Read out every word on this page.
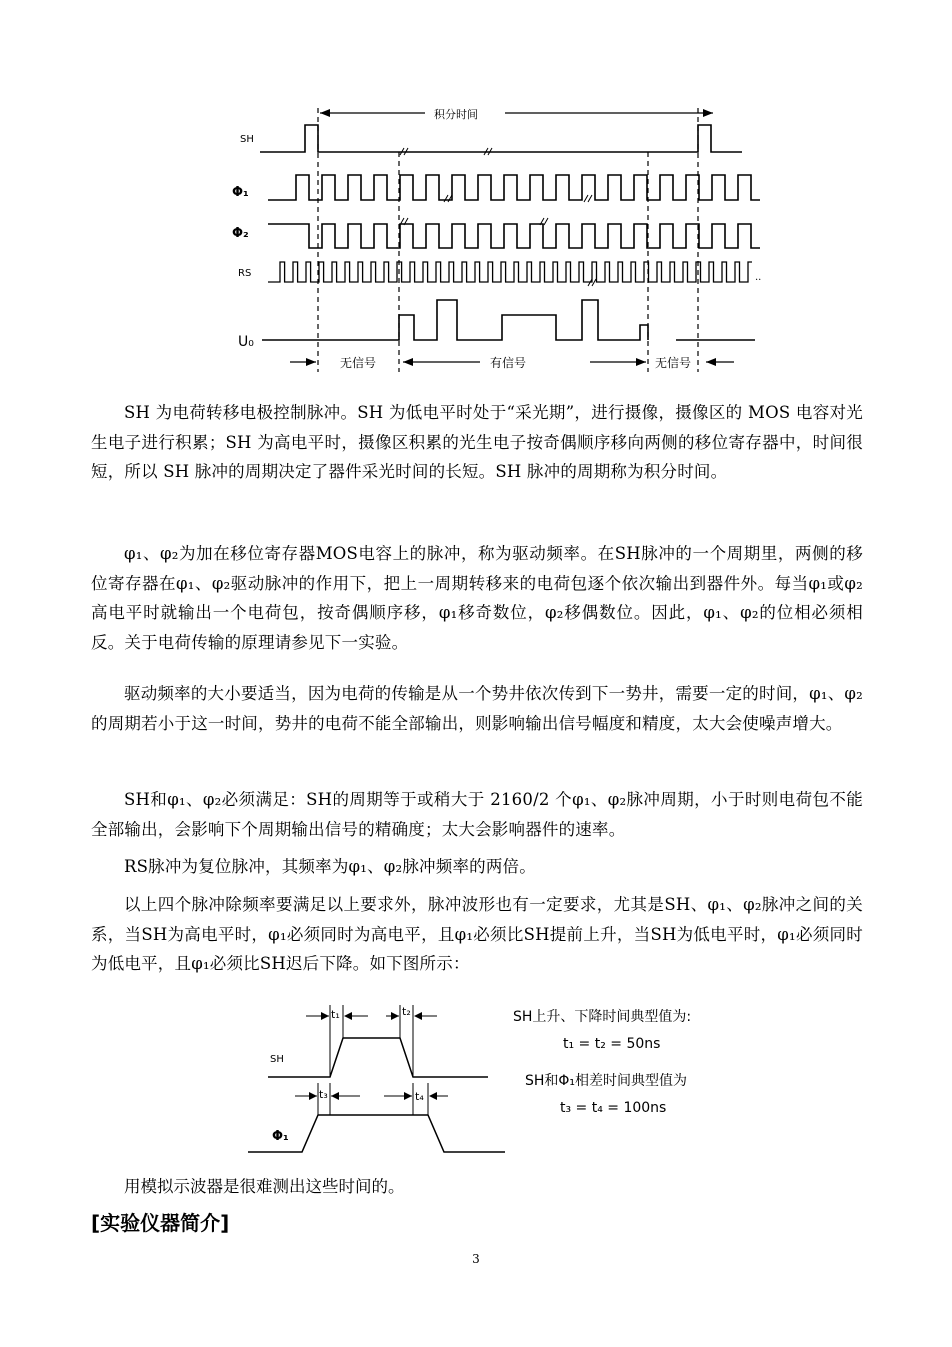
积分时间
SH
Φ₁
Φ₂
RS
U₀
无信号	有信号	无信号
..

SH 为电荷转移电极控制脉冲。SH 为低电平时处于“采光期”，进行摄像，摄像区的 MOS 电容对光生电子进行积累；SH 为高电平时，摄像区积累的光生电子按奇偶顺序移向两侧的移位寄存器中，时间很短，所以 SH 脉冲的周期决定了器件采光时间的长短。SH 脉冲的周期称为积分时间。

φ₁、φ₂为加在移位寄存器MOS电容上的脉冲，称为驱动频率。在SH脉冲的一个周期里，两侧的移位寄存器在φ₁、φ₂驱动脉冲的作用下，把上一周期转移来的电荷包逐个依次输出到器件外。每当φ₁或φ₂高电平时就输出一个电荷包，按奇偶顺序移，φ₁移奇数位，φ₂移偶数位。因此，φ₁、φ₂的位相必须相反。关于电荷传输的原理请参见下一实验。

驱动频率的大小要适当，因为电荷的传输是从一个势井依次传到下一势井，需要一定的时间，φ₁、φ₂的周期若小于这一时间，势井的电荷不能全部输出，则影响输出信号幅度和精度，太大会使噪声增大。

SH和φ₁、φ₂必须满足：SH的周期等于或稍大于 2160/2 个φ₁、φ₂脉冲周期，小于时则电荷包不能全部输出，会影响下个周期输出信号的精确度；太大会影响器件的速率。

RS脉冲为复位脉冲，其频率为φ₁、φ₂脉冲频率的两倍。

以上四个脉冲除频率要满足以上要求外，脉冲波形也有一定要求，尤其是SH、φ₁、φ₂脉冲之间的关系，当SH为高电平时，φ₁必须同时为高电平，且φ₁必须比SH提前上升，当SH为低电平时，φ₁必须同时为低电平，且φ₁必须比SH迟后下降。如下图所示：

t₁	t₂
t₃	t₄
SH
Φ₁
SH上升、下降时间典型值为:
t₁ = t₂ = 50ns
SH和Φ₁相差时间典型值为
t₃ = t₄ = 100ns

用模拟示波器是很难测出这些时间的。

[实验仪器简介]
3
